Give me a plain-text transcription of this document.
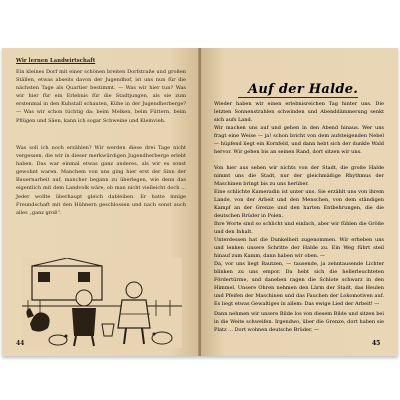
Wir lernen Landwirtschaft
Ein kleines Dorf mit einer schönen breiten Dorfstraße und großen Ställen, etwas abseits davon der Jugendhof, ist uns nun für die nächsten Tage als Quartier bestimmt. — Was wir hier tun? Was wir hier für ein Erlebnis für die Stadtjungen, als sie zum erstenmal in den Kuhstall schauten, Kühe in der Jugendherberge? — Was wir schon tüchtig da: beim Melken, beim Füttern, beim Pflügen und Säen, kann ich sogar Schweine und Kleinvieh.
Was soll ich noch erzählen? Wir werden diese drei Tage nicht vergessen, die wir in dieser merkwürdigen Jugendherberge erlebt haben. Das war einmal etwas ganz anderes, als wir es sonst gewohnt waren. Manchem von uns ging hier erst der Sinn der Bauernarbeit auf, mancher begann zu überlegen, wie denn das eigentlich mit dem Landvolk wäre, ob man nicht vielleicht doch ... Jeder wollte überhaupt gleich dableiben. Er hatte innige Freundschaft mit den Hühnern geschlossen und nach sonst auch alles „ganz groß“.
44
Auf der Halde.
Wieder haben wir einen erlebnisreichen Tag hinter uns. Die letzten Sonnenstrahlen schwinden und Abenddämmerung senkt sich aufs Land.
Wir machen uns auf und gehen in den Abend hinaus. Wer uns fragt eine Weise — ja! schon bricht von dem aufsteigenden Nebel — hüpfend liegt ein Kornfeld, und dann hebt sich der dunkle Wald hervor. Wir gehen bis an seinen Rand, dort sitzen wir uns.
Von hier aus sehen wir nichts von der Stadt, die große Halde nimmt uns die Stadt, nur der gleichmäßige Rhythmus der Maschinen bringt bis zu uns herüber.
Eine schlichte Kameradin ist unter uns. Sie erzählt uns von ihrem Lande, von der Arbeit und den Menschen, von dem ständigen Kampf an der Grenze und den harten Entbehrungen, die die deutschen Brüder in Polen.
Ihre Worte sind so schlicht und einfach, aber wir fühlen die Größe und den Inhalt.
Unterdessen hat die Dunkelheit zugenommen. Wir erheben uns und lenken unsere Schritte der Halde zu. Ein Weg führt steil hinauf zum Kamm, dann haben wir oben. —
Da, vor uns liegt Bautzen, — tausende, ja zehntausende Lichter blinken zu uns empor. Da hebt sich die hellerleuchteten Fördertürme, und daneben ragen die Schlote schwarz in den Himmel. Unsere Ohren nehmen den Lärm der Stadt, das Heulen und Pfeifen der Maschinen und das Fauchen der Lokomotiven auf. Es liegt etwas Gewaltiges in allem: Das ewige Lied der Arbeit! —
Dann nehmen wir unsere Bilde los von diesem Bilde und sitzen bei in die Weite schweifen. Irgendwo, über die Grenze, dort haben sie Platz ... Dort wohnen deutsche Brüder. —
45
